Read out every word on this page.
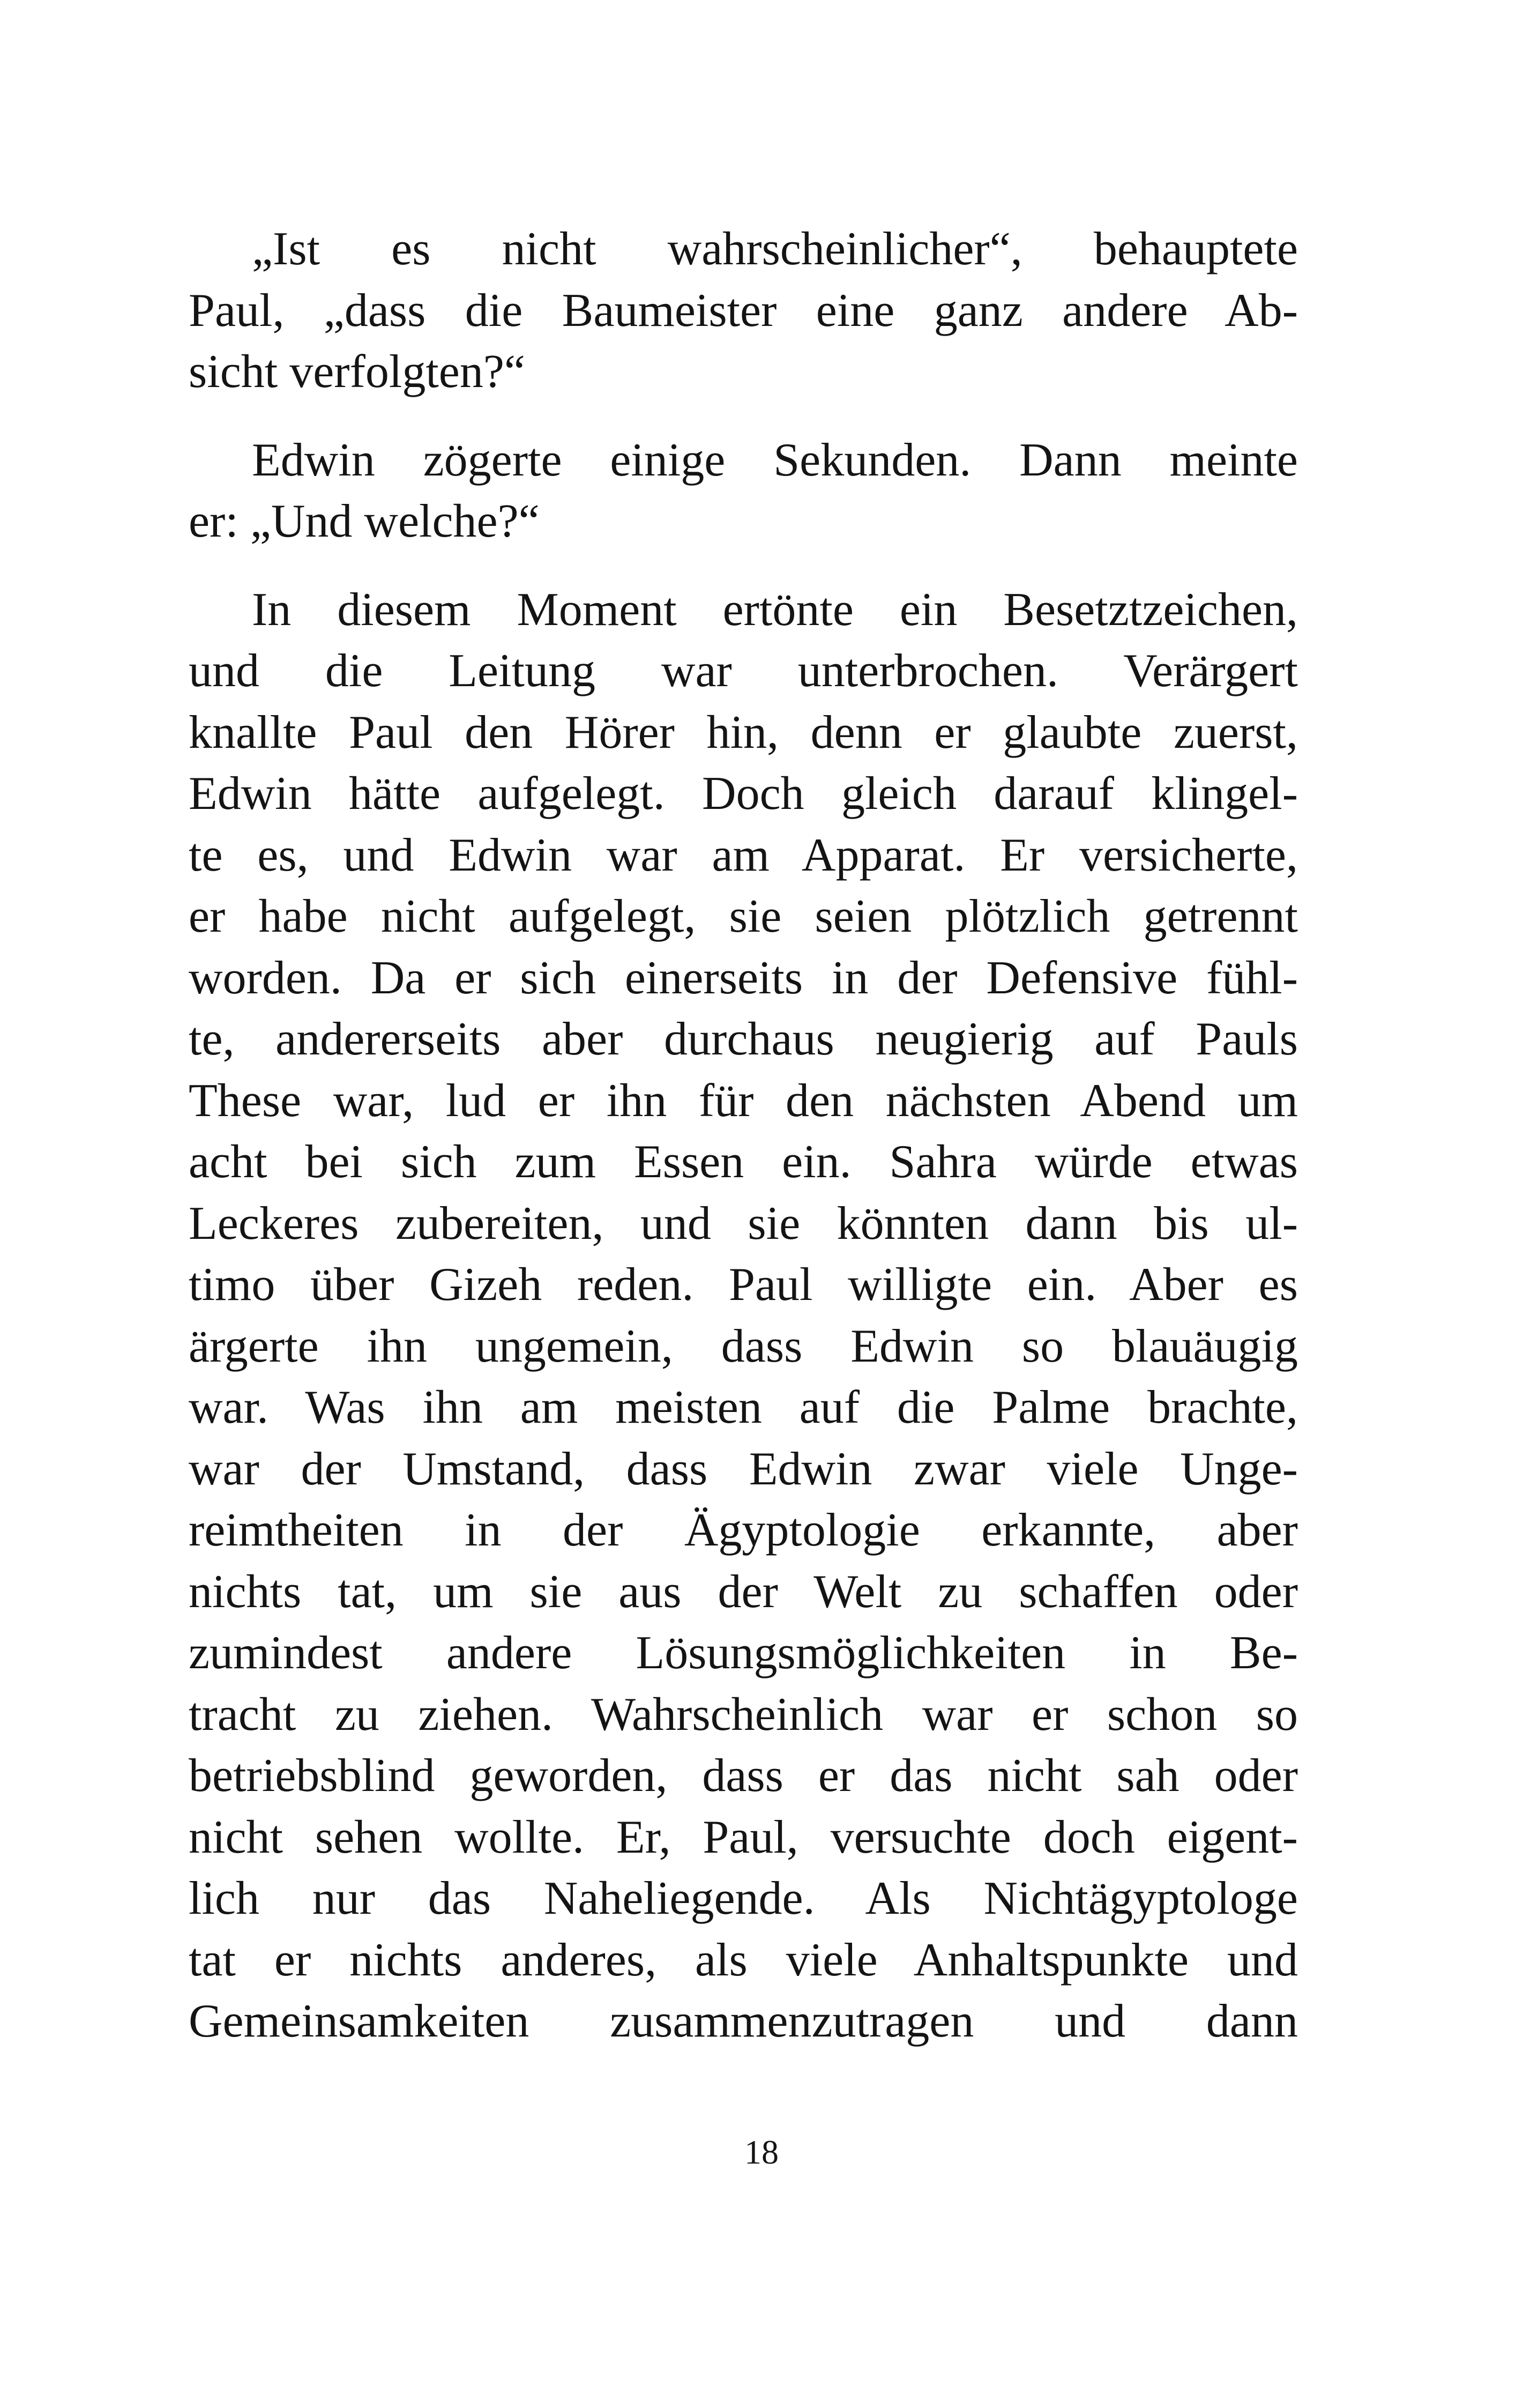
„Ist es nicht wahrscheinlicher“, behauptete
Paul, „dass die Baumeister eine ganz andere Ab-
sicht verfolgten?“

Edwin zögerte einige Sekunden. Dann meinte
er: „Und welche?“

In diesem Moment ertönte ein Besetztzeichen,
und die Leitung war unterbrochen. Verärgert
knallte Paul den Hörer hin, denn er glaubte zuerst,
Edwin hätte aufgelegt. Doch gleich darauf klingel-
te es, und Edwin war am Apparat. Er versicherte,
er habe nicht aufgelegt, sie seien plötzlich getrennt
worden. Da er sich einerseits in der Defensive fühl-
te, andererseits aber durchaus neugierig auf Pauls
These war, lud er ihn für den nächsten Abend um
acht bei sich zum Essen ein. Sahra würde etwas
Leckeres zubereiten, und sie könnten dann bis ul-
timo über Gizeh reden. Paul willigte ein. Aber es
ärgerte ihn ungemein, dass Edwin so blauäugig
war. Was ihn am meisten auf die Palme brachte,
war der Umstand, dass Edwin zwar viele Unge-
reimtheiten in der Ägyptologie erkannte, aber
nichts tat, um sie aus der Welt zu schaffen oder
zumindest andere Lösungsmöglichkeiten in Be-
tracht zu ziehen. Wahrscheinlich war er schon so
betriebsblind geworden, dass er das nicht sah oder
nicht sehen wollte. Er, Paul, versuchte doch eigent-
lich nur das Naheliegende. Als Nichtägyptologe
tat er nichts anderes, als viele Anhaltspunkte und
Gemeinsamkeiten zusammenzutragen und dann

18
